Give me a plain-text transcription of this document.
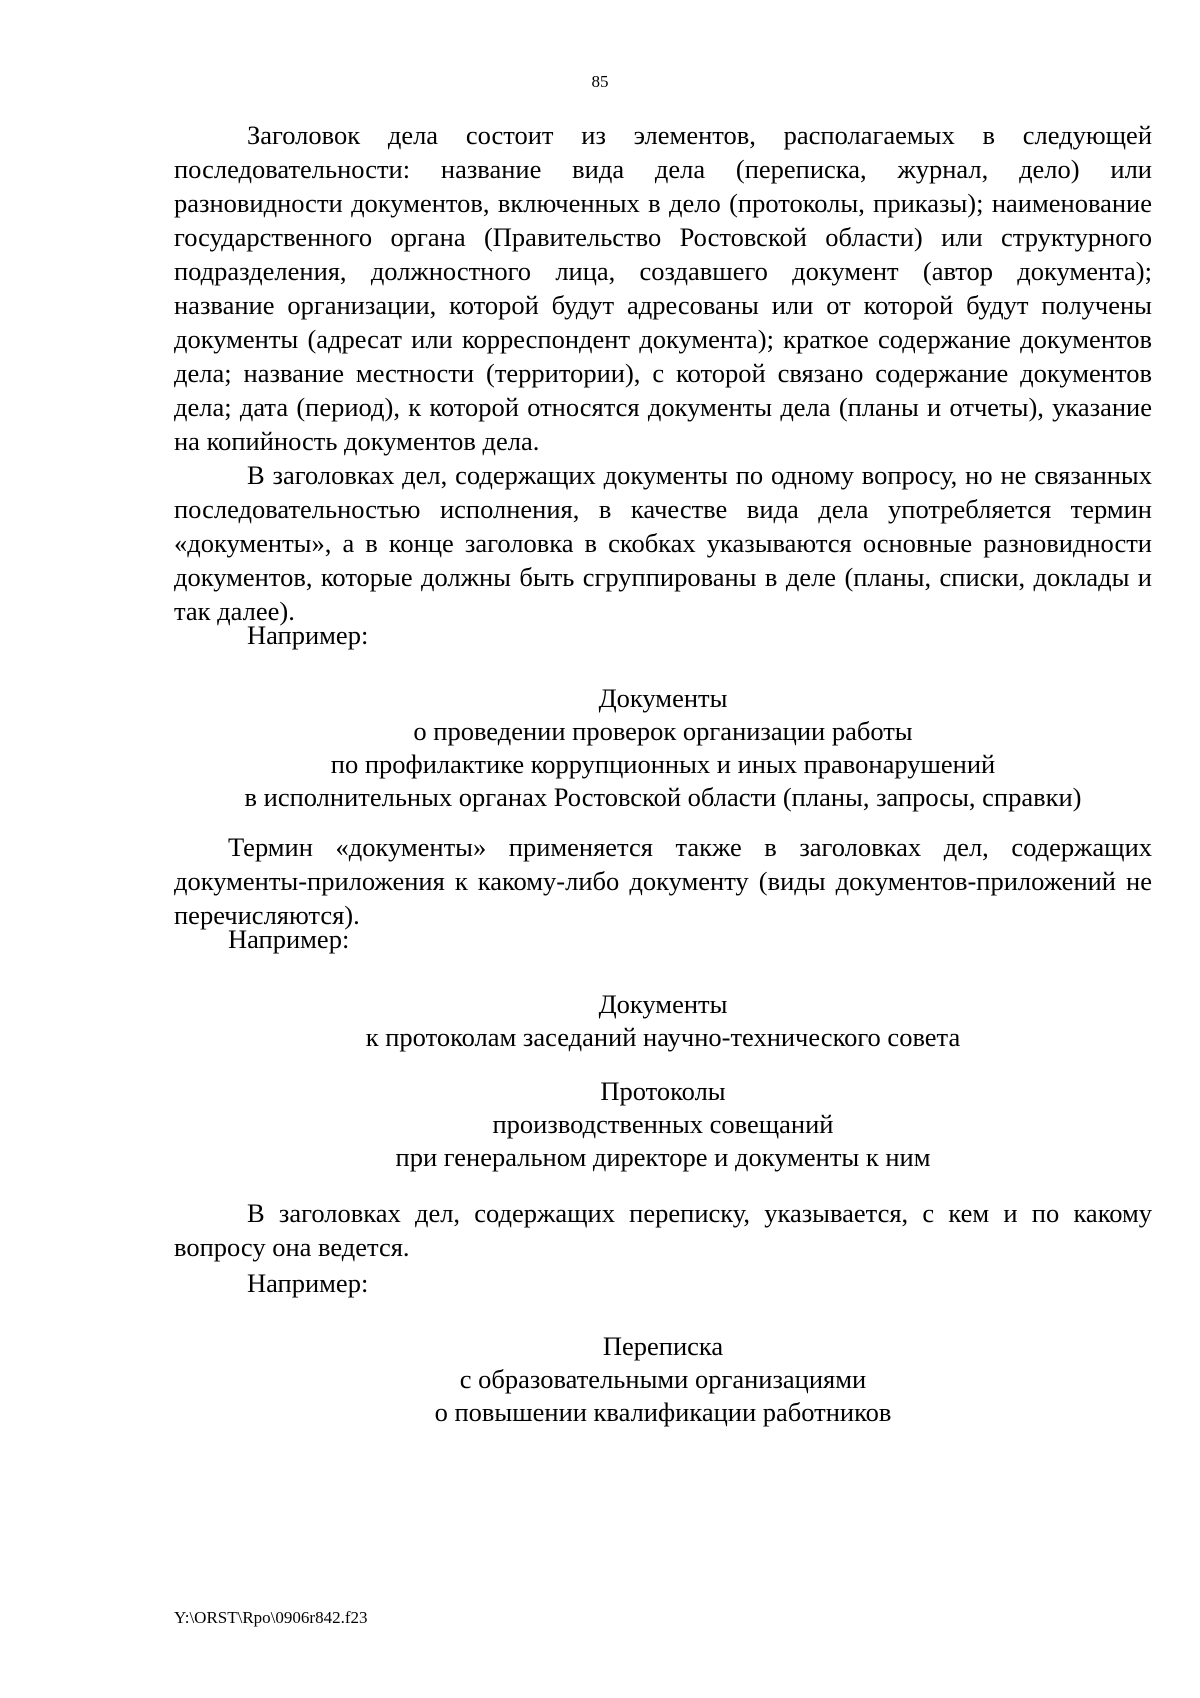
85

Заголовок дела состоит из элементов, располагаемых в следующей последовательности: название вида дела (переписка, журнал, дело) или разновидности документов, включенных в дело (протоколы, приказы); наименование государственного органа (Правительство Ростовской области) или структурного подразделения, должностного лица, создавшего документ (автор документа); название организации, которой будут адресованы или от которой будут получены документы (адресат или корреспондент документа); краткое содержание документов дела; название местности (территории), с которой связано содержание документов дела; дата (период), к которой относятся документы дела (планы и отчеты), указание на копийность документов дела.

В заголовках дел, содержащих документы по одному вопросу, но не связанных последовательностью исполнения, в качестве вида дела употребляется термин «документы», а в конце заголовка в скобках указываются основные разновидности документов, которые должны быть сгруппированы в деле (планы, списки, доклады и так далее).

Например:

Документы
о проведении проверок организации работы
по профилактике коррупционных и иных правонарушений
в исполнительных органах Ростовской области (планы, запросы, справки)

Термин «документы» применяется также в заголовках дел, содержащих документы-приложения к какому-либо документу (виды документов-приложений не перечисляются).

Например:

Документы
к протоколам заседаний научно-технического совета
Протоколы
производственных совещаний
при генеральном директоре и документы к ним

В заголовках дел, содержащих переписку, указывается, с кем и по какому вопросу она ведется.

Например:

Переписка
с образовательными организациями
о повышении квалификации работников
Y:\ORST\Rpo\0906r842.f23
